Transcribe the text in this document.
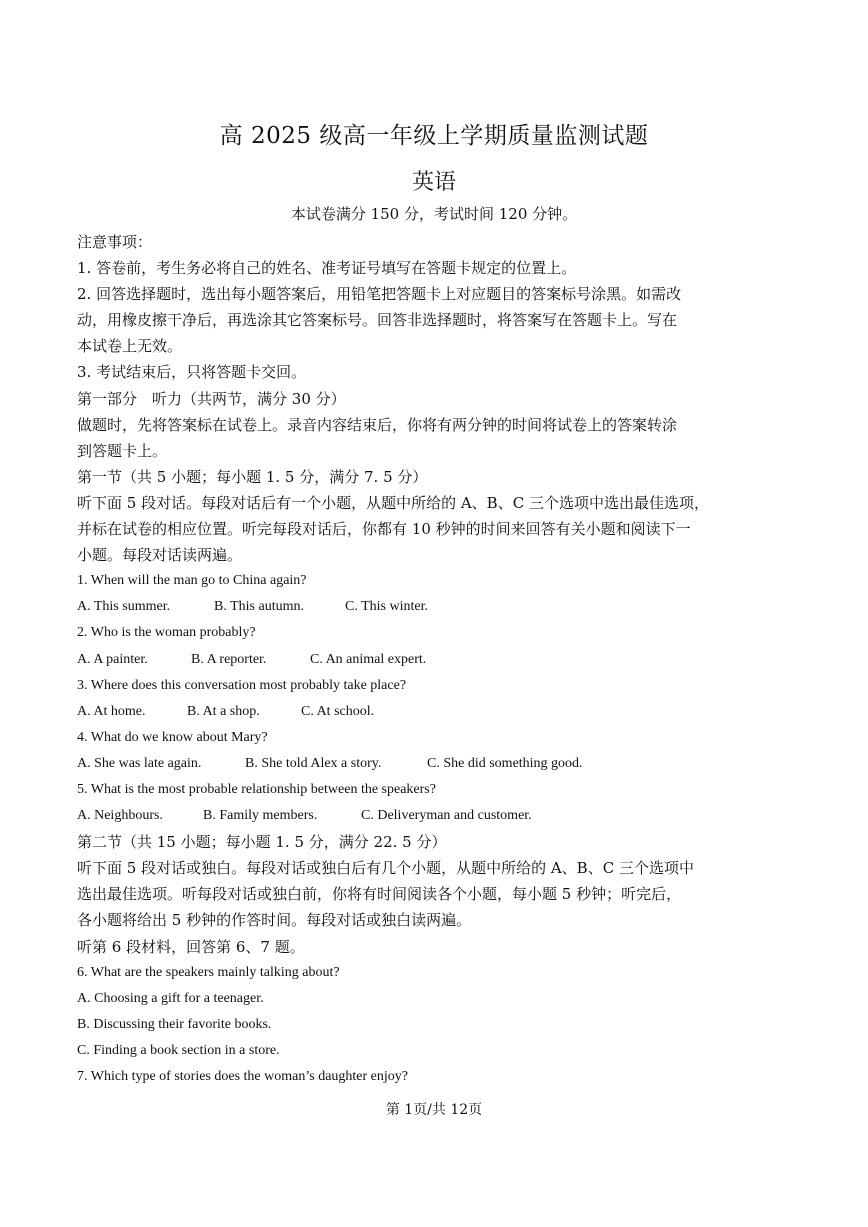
高 2025 级高一年级上学期质量监测试题
英语
本试卷满分 150 分，考试时间 120 分钟。
注意事项：
1. 答卷前，考生务必将自己的姓名、准考证号填写在答题卡规定的位置上。
2. 回答选择题时，选出每小题答案后，用铅笔把答题卡上对应题目的答案标号涂黑。如需改
动，用橡皮擦干净后，再选涂其它答案标号。回答非选择题时，将答案写在答题卡上。写在
本试卷上无效。
3. 考试结束后，只将答题卡交回。
第一部分　听力（共两节，满分 30 分）
做题时，先将答案标在试卷上。录音内容结束后，你将有两分钟的时间将试卷上的答案转涂
到答题卡上。
第一节（共 5 小题；每小题 1. 5 分，满分 7. 5 分）
听下面 5 段对话。每段对话后有一个小题，从题中所给的 A、B、C 三个选项中选出最佳选项，
并标在试卷的相应位置。听完每段对话后，你都有 10 秒钟的时间来回答有关小题和阅读下一
小题。每段对话读两遍。
1. When will the man go to China again?
A. This summer.	B. This autumn.	C. This winter.
2. Who is the woman probably?
A. A painter.	B. A reporter.	C. An animal expert.
3. Where does this conversation most probably take place?
A. At home.	B. At a shop.	C. At school.
4. What do we know about Mary?
A. She was late again.	B. She told Alex a story.	C. She did something good.
5. What is the most probable relationship between the speakers?
A. Neighbours.	B. Family members.	C. Deliveryman and customer.
第二节（共 15 小题；每小题 1. 5 分，满分 22. 5 分）
听下面 5 段对话或独白。每段对话或独白后有几个小题，从题中所给的 A、B、C 三个选项中
选出最佳选项。听每段对话或独白前，你将有时间阅读各个小题，每小题 5 秒钟；听完后，
各小题将给出 5 秒钟的作答时间。每段对话或独白读两遍。
听第 6 段材料，回答第 6、7 题。
6. What are the speakers mainly talking about?
A. Choosing a gift for a teenager.
B. Discussing their favorite books.
C. Finding a book section in a store.
7. Which type of stories does the woman’s daughter enjoy?
第 1页/共 12页
